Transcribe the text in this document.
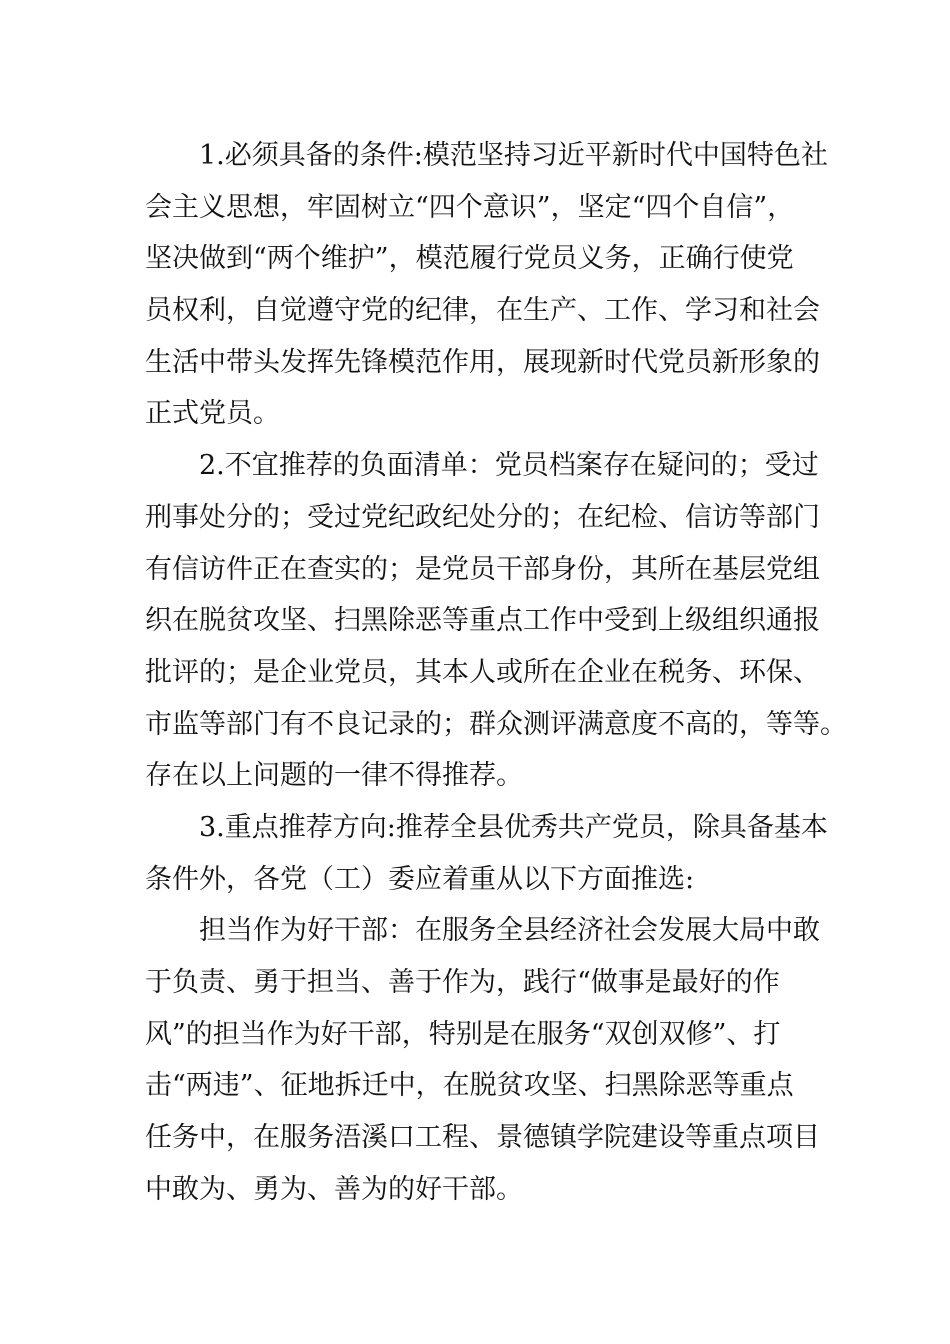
1.必须具备的条件:模范坚持习近平新时代中国特色社
会主义思想，牢固树立“四个意识”，坚定“四个自信”，
坚决做到“两个维护”，模范履行党员义务，正确行使党
员权利，自觉遵守党的纪律，在生产、工作、学习和社会
生活中带头发挥先锋模范作用，展现新时代党员新形象的
正式党员。
2.不宜推荐的负面清单：党员档案存在疑问的；受过
刑事处分的；受过党纪政纪处分的；在纪检、信访等部门
有信访件正在查实的；是党员干部身份，其所在基层党组
织在脱贫攻坚、扫黑除恶等重点工作中受到上级组织通报
批评的；是企业党员，其本人或所在企业在税务、环保、
市监等部门有不良记录的；群众测评满意度不高的，等等。
存在以上问题的一律不得推荐。
3.重点推荐方向:推荐全县优秀共产党员，除具备基本
条件外，各党（工）委应着重从以下方面推选:
担当作为好干部：在服务全县经济社会发展大局中敢
于负责、勇于担当、善于作为，践行“做事是最好的作
风”的担当作为好干部，特别是在服务“双创双修”、打
击“两违”、征地拆迁中，在脱贫攻坚、扫黑除恶等重点
任务中，在服务浯溪口工程、景德镇学院建设等重点项目
中敢为、勇为、善为的好干部。
